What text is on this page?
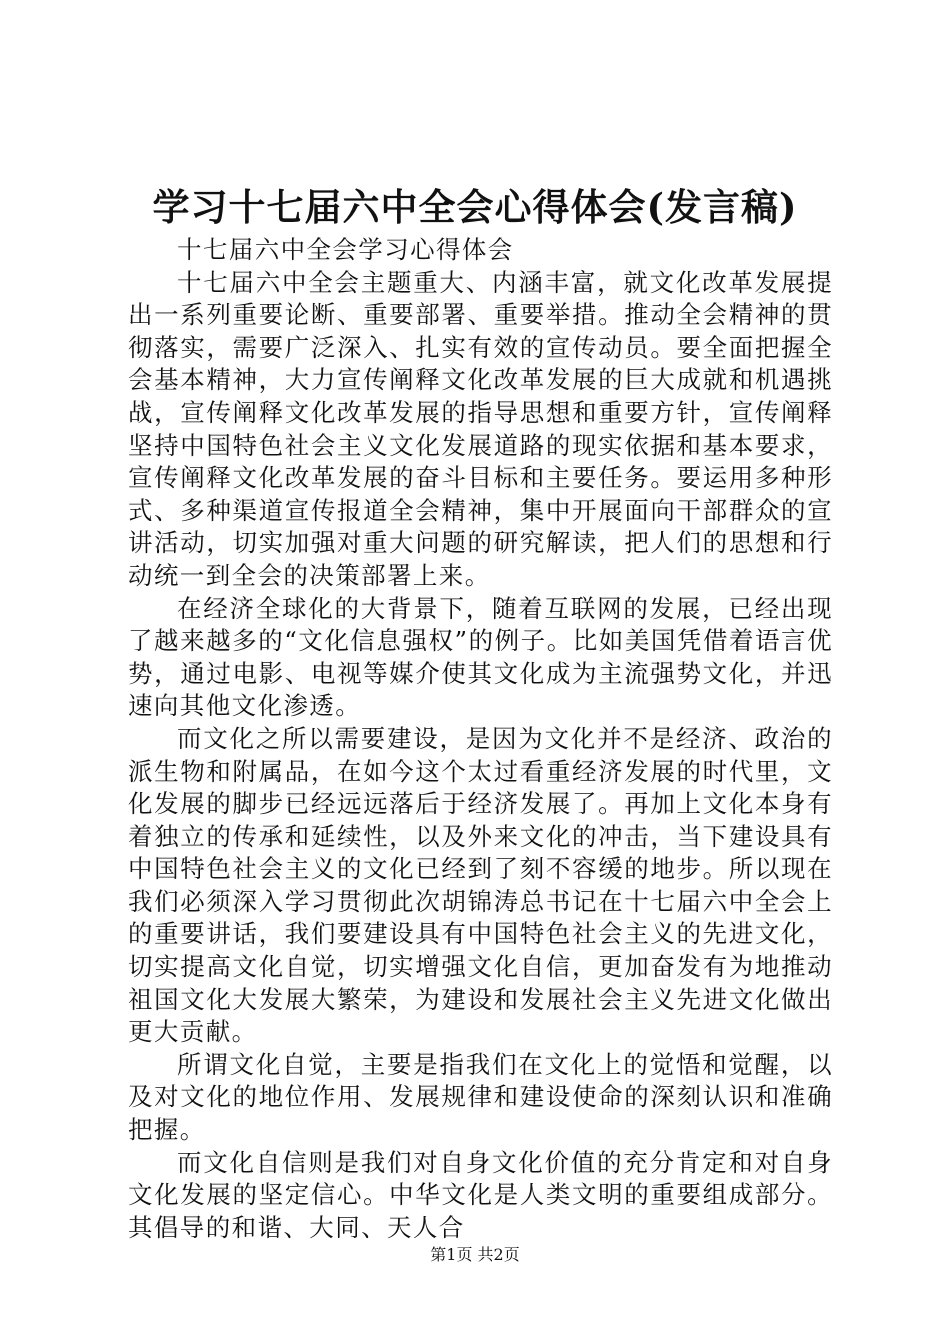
学习十七届六中全会心得体会(发言稿)

十七届六中全会学习心得体会

十七届六中全会主题重大、内涵丰富，就文化改革发展提出一系列重要论断、重要部署、重要举措。推动全会精神的贯彻落实，需要广泛深入、扎实有效的宣传动员。要全面把握全会基本精神，大力宣传阐释文化改革发展的巨大成就和机遇挑战，宣传阐释文化改革发展的指导思想和重要方针，宣传阐释坚持中国特色社会主义文化发展道路的现实依据和基本要求，宣传阐释文化改革发展的奋斗目标和主要任务。要运用多种形式、多种渠道宣传报道全会精神，集中开展面向干部群众的宣讲活动，切实加强对重大问题的研究解读，把人们的思想和行动统一到全会的决策部署上来。

在经济全球化的大背景下，随着互联网的发展，已经出现了越来越多的“文化信息强权”的例子。比如美国凭借着语言优势，通过电影、电视等媒介使其文化成为主流强势文化，并迅速向其他文化渗透。

而文化之所以需要建设，是因为文化并不是经济、政治的派生物和附属品，在如今这个太过看重经济发展的时代里，文化发展的脚步已经远远落后于经济发展了。再加上文化本身有着独立的传承和延续性，以及外来文化的冲击，当下建设具有中国特色社会主义的文化已经到了刻不容缓的地步。所以现在我们必须深入学习贯彻此次胡锦涛总书记在十七届六中全会上的重要讲话，我们要建设具有中国特色社会主义的先进文化，切实提高文化自觉，切实增强文化自信，更加奋发有为地推动祖国文化大发展大繁荣，为建设和发展社会主义先进文化做出更大贡献。

所谓文化自觉，主要是指我们在文化上的觉悟和觉醒，以及对文化的地位作用、发展规律和建设使命的深刻认识和准确把握。

而文化自信则是我们对自身文化价值的充分肯定和对自身文化发展的坚定信心。中华文化是人类文明的重要组成部分。其倡导的和谐、大同、天人合

第1页 共2页
